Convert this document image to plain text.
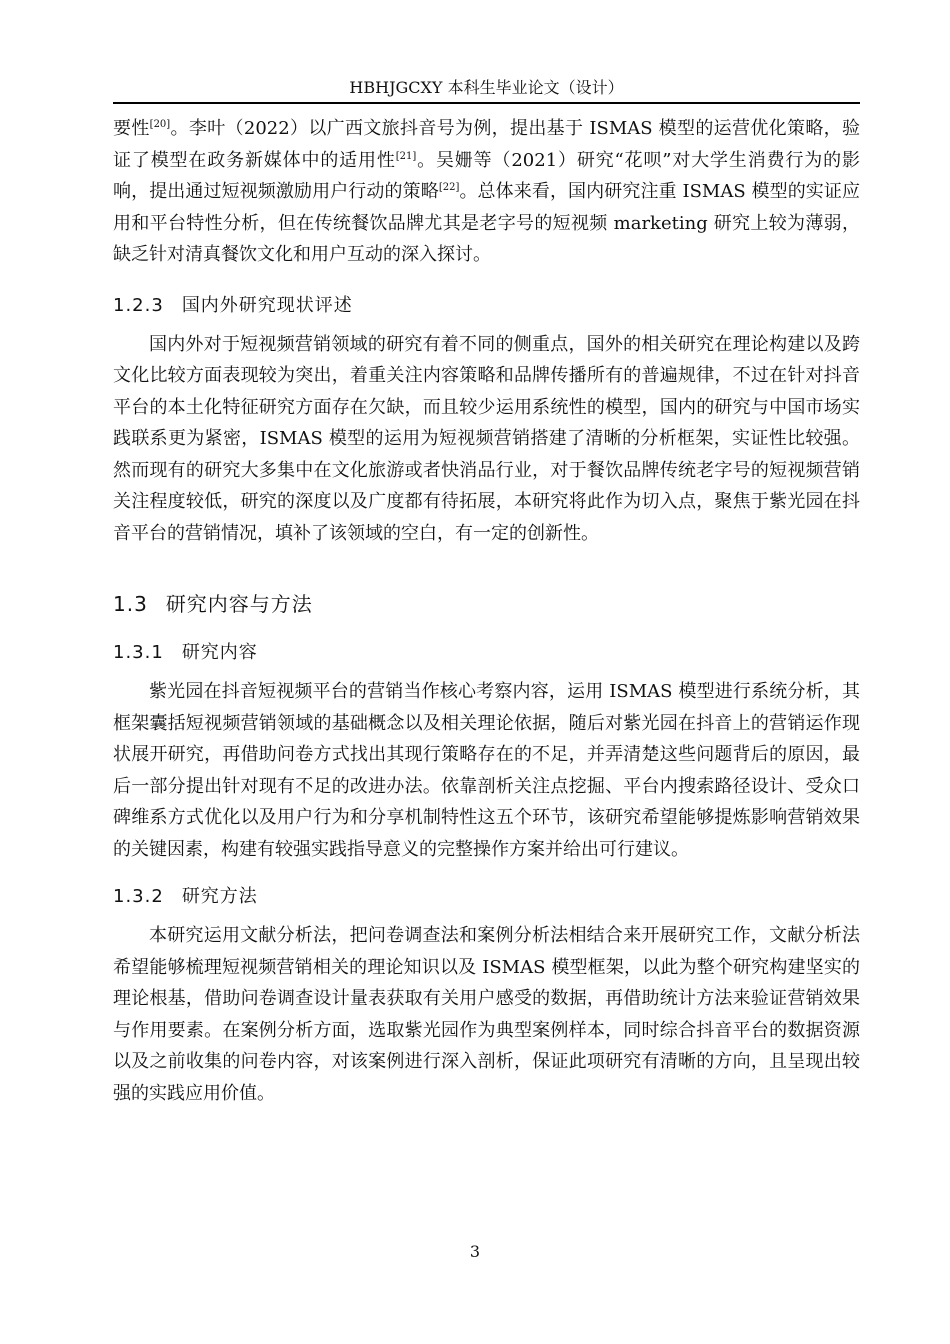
HBHJGCXY 本科生毕业论文（设计）

要性[20]。李叶（2022）以广西文旅抖音号为例，提出基于 ISMAS 模型的运营优化策略，验证了模型在政务新媒体中的适用性[21]。吴姗等（2021）研究“花呗”对大学生消费行为的影响，提出通过短视频激励用户行动的策略[22]。总体来看，国内研究注重 ISMAS 模型的实证应用和平台特性分析，但在传统餐饮品牌尤其是老字号的短视频 marketing 研究上较为薄弱，缺乏针对清真餐饮文化和用户互动的深入探讨。

1.2.3 国内外研究现状评述

国内外对于短视频营销领域的研究有着不同的侧重点，国外的相关研究在理论构建以及跨文化比较方面表现较为突出，着重关注内容策略和品牌传播所有的普遍规律，不过在针对抖音平台的本土化特征研究方面存在欠缺，而且较少运用系统性的模型，国内的研究与中国市场实践联系更为紧密，ISMAS 模型的运用为短视频营销搭建了清晰的分析框架，实证性比较强。然而现有的研究大多集中在文化旅游或者快消品行业，对于餐饮品牌传统老字号的短视频营销关注程度较低，研究的深度以及广度都有待拓展，本研究将此作为切入点，聚焦于紫光园在抖音平台的营销情况，填补了该领域的空白，有一定的创新性。

1.3 研究内容与方法
1.3.1 研究内容

紫光园在抖音短视频平台的营销当作核心考察内容，运用 ISMAS 模型进行系统分析，其框架囊括短视频营销领域的基础概念以及相关理论依据，随后对紫光园在抖音上的营销运作现状展开研究，再借助问卷方式找出其现行策略存在的不足，并弄清楚这些问题背后的原因，最后一部分提出针对现有不足的改进办法。依靠剖析关注点挖掘、平台内搜索路径设计、受众口碑维系方式优化以及用户行为和分享机制特性这五个环节，该研究希望能够提炼影响营销效果的关键因素，构建有较强实践指导意义的完整操作方案并给出可行建议。

1.3.2 研究方法

本研究运用文献分析法，把问卷调查法和案例分析法相结合来开展研究工作，文献分析法希望能够梳理短视频营销相关的理论知识以及 ISMAS 模型框架，以此为整个研究构建坚实的理论根基，借助问卷调查设计量表获取有关用户感受的数据，再借助统计方法来验证营销效果与作用要素。在案例分析方面，选取紫光园作为典型案例样本，同时综合抖音平台的数据资源以及之前收集的问卷内容，对该案例进行深入剖析，保证此项研究有清晰的方向，且呈现出较强的实践应用价值。

3
